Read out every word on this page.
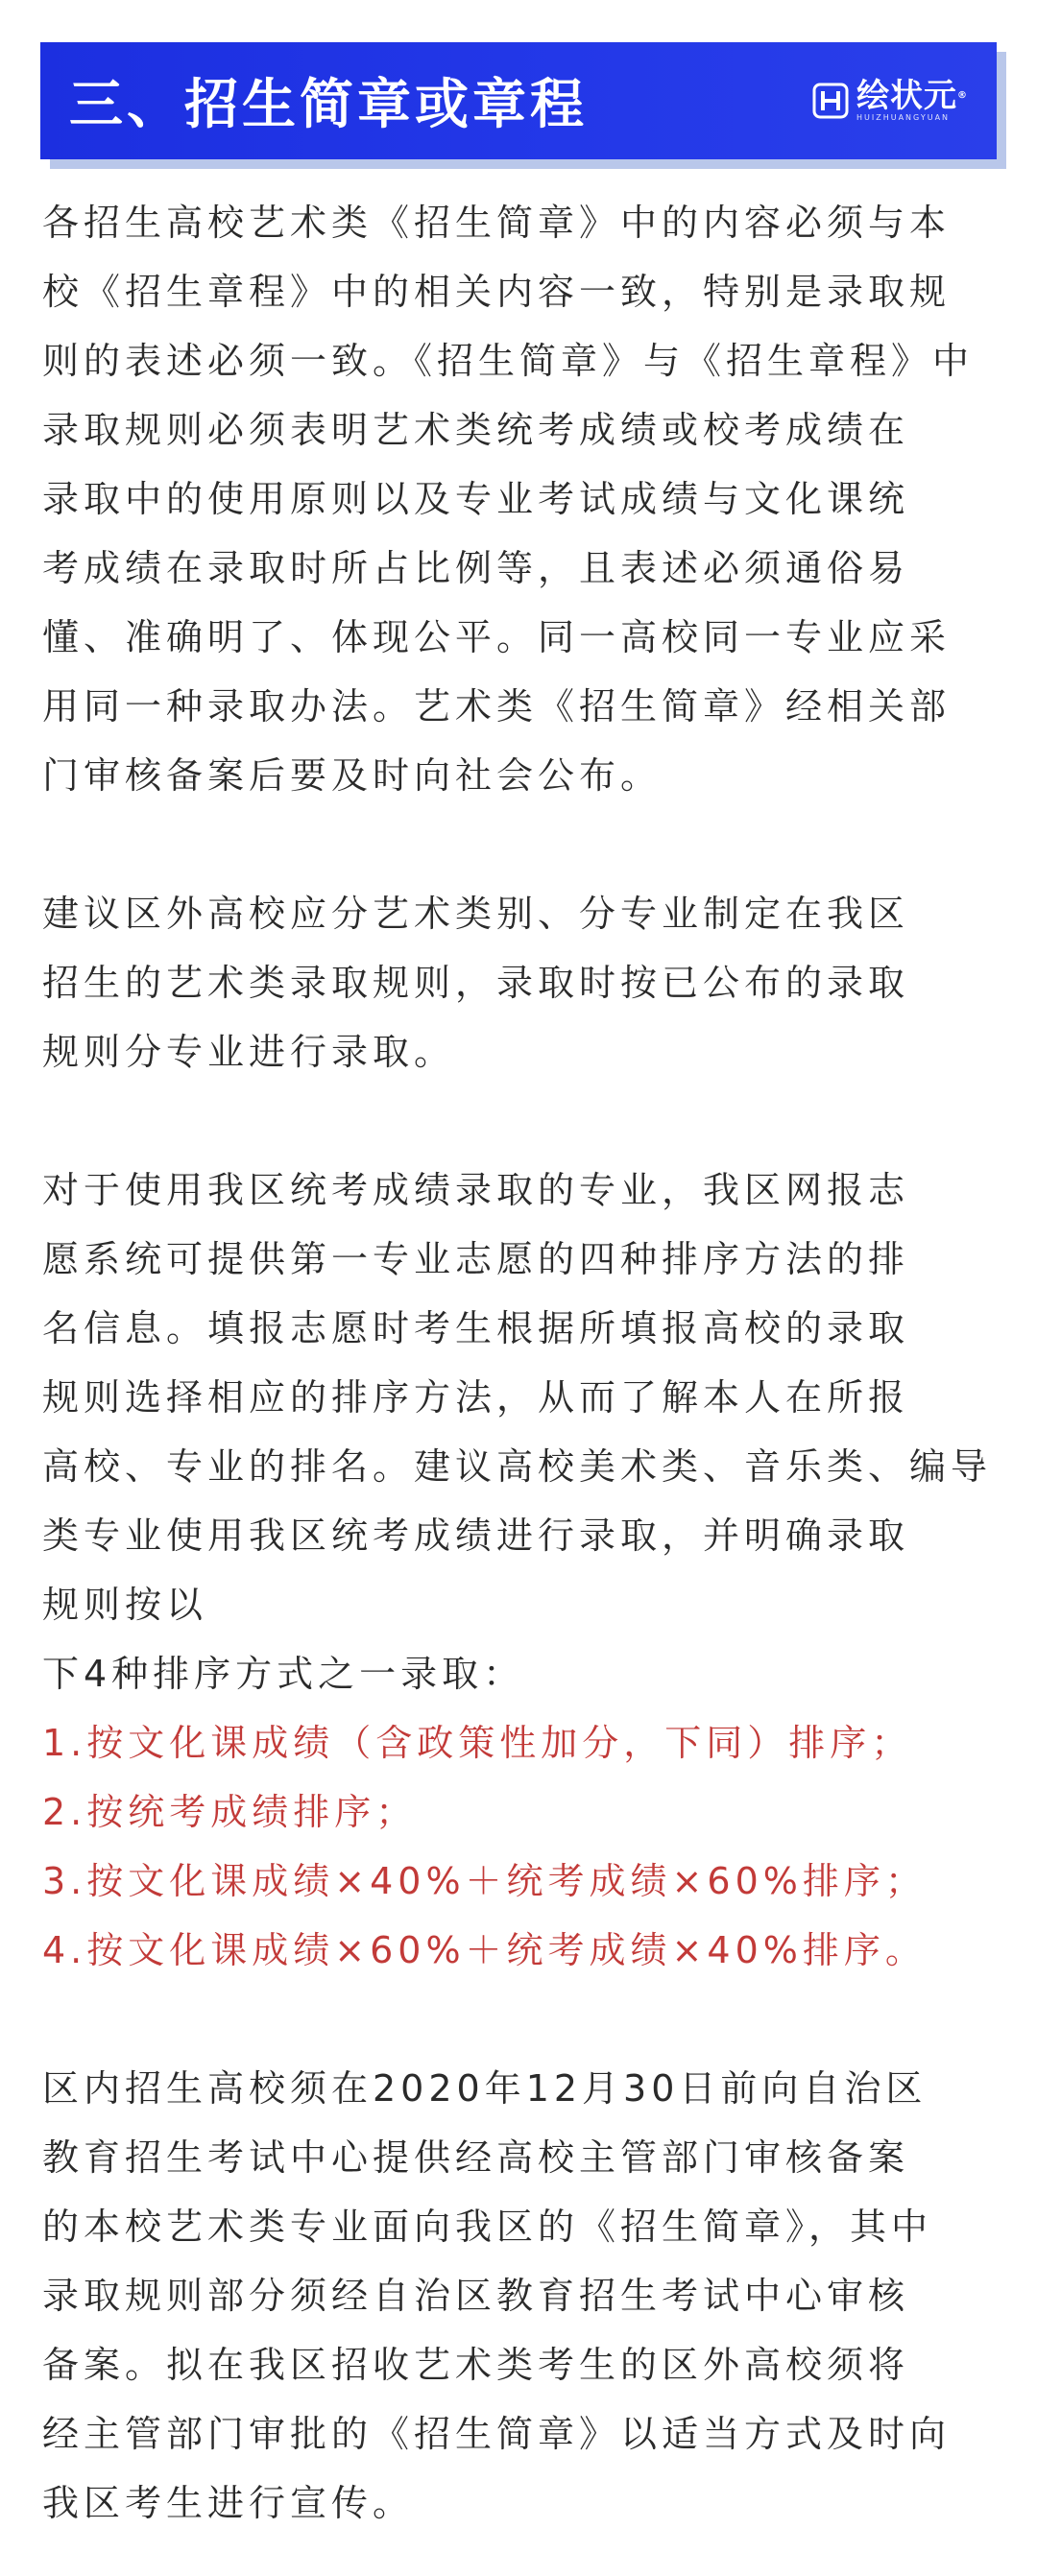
三、招生简章或章程	绘状元®
HUIZHUANGYUAN

各招生高校艺术类《招生简章》中的内容必须与本

校《招生章程》中的相关内容一致，特别是录取规

则的表述必须一致。《招生简章》与《招生章程》中

录取规则必须表明艺术类统考成绩或校考成绩在

录取中的使用原则以及专业考试成绩与文化课统

考成绩在录取时所占比例等，且表述必须通俗易

懂、准确明了、体现公平。同一高校同一专业应采

用同一种录取办法。艺术类《招生简章》经相关部

门审核备案后要及时向社会公布。

建议区外高校应分艺术类别、分专业制定在我区

招生的艺术类录取规则，录取时按已公布的录取

规则分专业进行录取。

对于使用我区统考成绩录取的专业，我区网报志

愿系统可提供第一专业志愿的四种排序方法的排

名信息。填报志愿时考生根据所填报高校的录取

规则选择相应的排序方法，从而了解本人在所报

高校、专业的排名。建议高校美术类、音乐类、编导

类专业使用我区统考成绩进行录取，并明确录取

规则按以

下4种排序方式之一录取：

1.按文化课成绩（含政策性加分，下同）排序；

2.按统考成绩排序；

3.按文化课成绩×40%＋统考成绩×60%排序；

4.按文化课成绩×60%＋统考成绩×40%排序。

区内招生高校须在2020年12月30日前向自治区

教育招生考试中心提供经高校主管部门审核备案

的本校艺术类专业面向我区的《招生简章》，其中

录取规则部分须经自治区教育招生考试中心审核

备案。拟在我区招收艺术类考生的区外高校须将

经主管部门审批的《招生简章》以适当方式及时向

我区考生进行宣传。
